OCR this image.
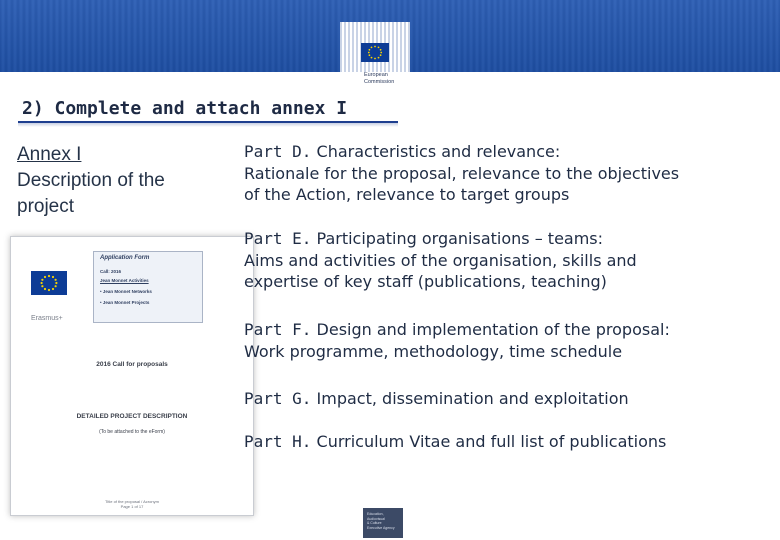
European
Commission
2) Complete and attach annex I
Annex I
Description of the
project
Application Form
Call: 2016
Jean Monnet Activities
• Jean Monnet Networks
• Jean Monnet Projects
Erasmus+
2016 Call for proposals
DETAILED PROJECT DESCRIPTION
(To be attached to the eForm)
Title of the proposal / Acronym
Page 1 of 17
Part D. Characteristics and relevance:
Rationale for the proposal, relevance to the objectives
of the Action, relevance to target groups
Part E. Participating organisations – teams:
Aims and activities of the organisation, skills and
expertise of key staff (publications, teaching)
Part F. Design and implementation of the proposal:
Work programme, methodology, time schedule
Part G. Impact, dissemination and exploitation
Part H. Curriculum Vitae and full list of publications
Education,
Audiovisual
& Culture
Executive Agency
